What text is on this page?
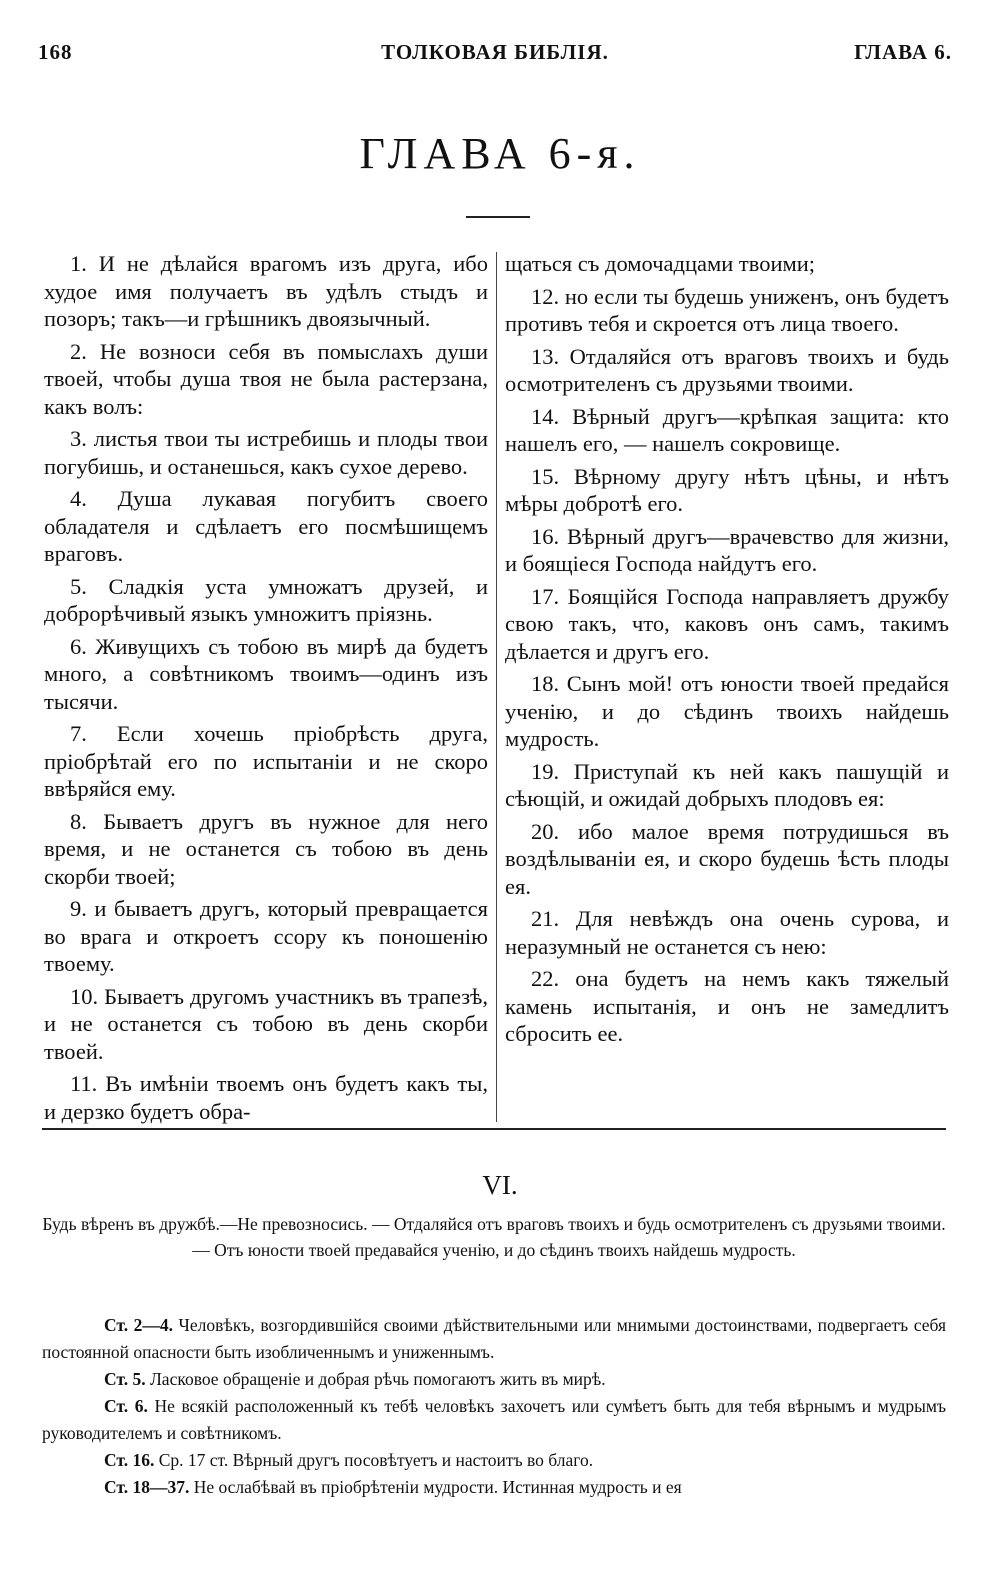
168	ТОЛКОВАЯ БИБЛІЯ.	ГЛАВА 6.
ГЛАВА 6-я.

1. И не дѣлайся врагомъ изъ друга, ибо худое имя получаетъ въ удѣлъ стыдъ и позоръ; такъ—и грѣшникъ двоязычный.

2. Не возноси себя въ помыслахъ души твоей, чтобы душа твоя не была растерзана, какъ волъ:

3. листья твои ты истребишь и плоды твои погубишь, и останешься, какъ сухое дерево.

4. Душа лукавая погубитъ своего обладателя и сдѣлаетъ его посмѣшищемъ враговъ.

5. Сладкія уста умножатъ друзей, и доброрѣчивый языкъ умножитъ пріязнь.

6. Живущихъ съ тобою въ мирѣ да будетъ много, а совѣтникомъ твоимъ—одинъ изъ тысячи.

7. Если хочешь пріобрѣсть друга, пріобрѣтай его по испытаніи и не скоро ввѣряйся ему.

8. Бываетъ другъ въ нужное для него время, и не останется съ тобою въ день скорби твоей;

9. и бываетъ другъ, который превращается во врага и откроетъ ссору къ поношенію твоему.

10. Бываетъ другомъ участникъ въ трапезѣ, и не останется съ тобою въ день скорби твоей.

11. Въ имѣніи твоемъ онъ будетъ какъ ты, и дерзко будетъ обра-

щаться съ домочадцами твоими;

12. но если ты будешь униженъ, онъ будетъ противъ тебя и скроется отъ лица твоего.

13. Отдаляйся отъ враговъ твоихъ и будь осмотрителенъ съ друзьями твоими.

14. Вѣрный другъ—крѣпкая защита: кто нашелъ его, — нашелъ сокровище.

15. Вѣрному другу нѣтъ цѣны, и нѣтъ мѣры добротѣ его.

16. Вѣрный другъ—врачевство для жизни, и боящіеся Господа найдутъ его.

17. Боящійся Господа направляетъ дружбу свою такъ, что, каковъ онъ самъ, такимъ дѣлается и другъ его.

18. Сынъ мой! отъ юности твоей предайся ученію, и до сѣдинъ твоихъ найдешь мудрость.

19. Приступай къ ней какъ пашущій и сѣющій, и ожидай добрыхъ плодовъ ея:

20. ибо малое время потрудишься въ воздѣлываніи ея, и скоро будешь ѣсть плоды ея.

21. Для невѣждъ она очень сурова, и неразумный не останется съ нею:

22. она будетъ на немъ какъ тяжелый камень испытанія, и онъ не замедлитъ сбросить ее.

VI.
Будь вѣренъ въ дружбѣ.—Не превозносись. — Отдаляйся отъ враговъ твоихъ и будь осмотрителенъ съ друзьями твоими. — Отъ юности твоей предавайся ученію, и до сѣдинъ твоихъ найдешь мудрость.

Ст. 2—4. Человѣкъ, возгордившійся своими дѣйствительными или мнимыми достоинствами, подвергаетъ себя постоянной опасности быть изобличеннымъ и униженнымъ.

Ст. 5. Ласковое обращеніе и добрая рѣчь помогаютъ жить въ мирѣ.

Ст. 6. Не всякій расположенный къ тебѣ человѣкъ захочетъ или сумѣетъ быть для тебя вѣрнымъ и мудрымъ руководителемъ и совѣтникомъ.

Ст. 16. Ср. 17 ст. Вѣрный другъ посовѣтуетъ и настоитъ во благо.

Ст. 18—37. Не ослабѣвай въ пріобрѣтеніи мудрости. Истинная мудрость и ея
